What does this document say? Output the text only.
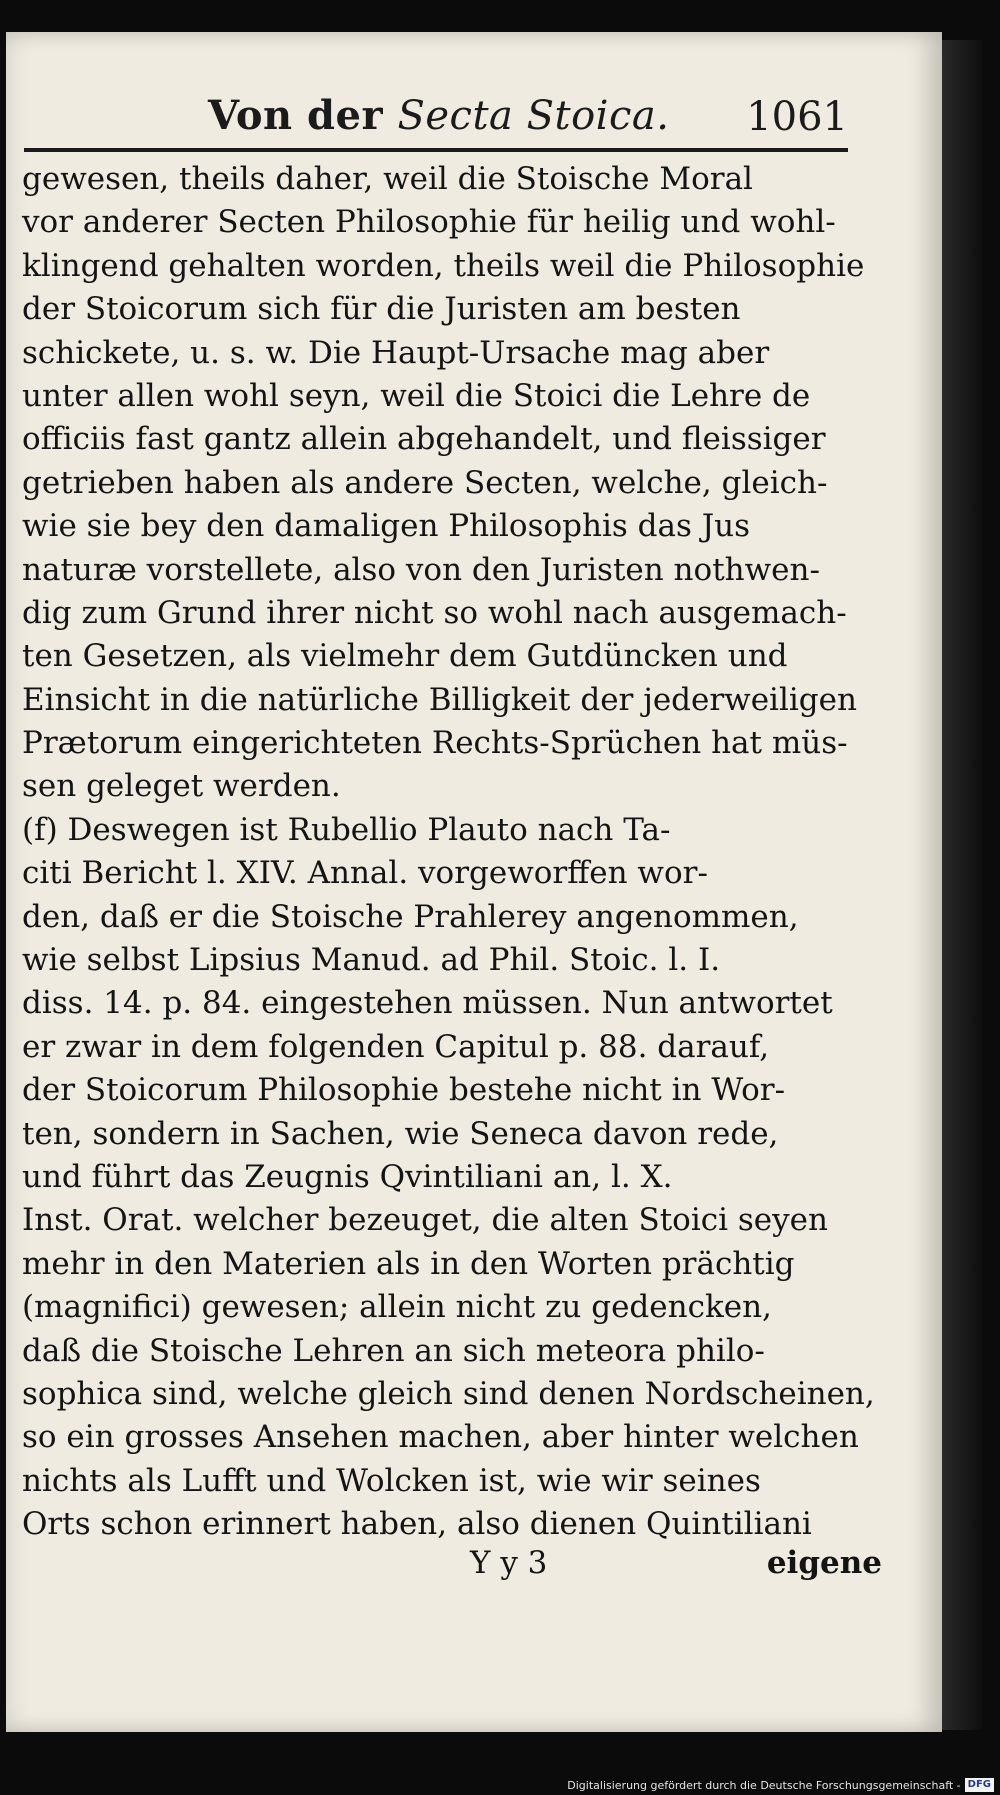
Von der Secta Stoica. 1061
gewesen, theils daher, weil die Stoische Moral
vor anderer Secten Philosophie für heilig und wohl-
klingend gehalten worden, theils weil die Philosophie
der Stoicorum sich für die Juristen am besten
schickete, u. s. w. Die Haupt-Ursache mag aber
unter allen wohl seyn, weil die Stoici die Lehre de
officiis fast gantz allein abgehandelt, und fleissiger
getrieben haben als andere Secten, welche, gleich-
wie sie bey den damaligen Philosophis das Jus
naturæ vorstellete, also von den Juristen nothwen-
dig zum Grund ihrer nicht so wohl nach ausgemach-
ten Gesetzen, als vielmehr dem Gutdüncken und
Einsicht in die natürliche Billigkeit der jederweiligen
Prætorum eingerichteten Rechts-Sprüchen hat müs-
sen geleget werden.
(f) Deswegen ist Rubellio Plauto nach Ta-
citi Bericht l. XIV. Annal. vorgeworffen wor-
den, daß er die Stoische Prahlerey angenommen,
wie selbst Lipsius Manud. ad Phil. Stoic. l. I.
diss. 14. p. 84. eingestehen müssen. Nun antwortet
er zwar in dem folgenden Capitul p. 88. darauf,
der Stoicorum Philosophie bestehe nicht in Wor-
ten, sondern in Sachen, wie Seneca davon rede,
und führt das Zeugnis Qvintiliani an, l. X.
Inst. Orat. welcher bezeuget, die alten Stoici seyen
mehr in den Materien als in den Worten prächtig
(magnifici) gewesen; allein nicht zu gedencken,
daß die Stoische Lehren an sich meteora philo-
sophica sind, welche gleich sind denen Nordscheinen,
so ein grosses Ansehen machen, aber hinter welchen
nichts als Lufft und Wolcken ist, wie wir seines
Orts schon erinnert haben, also dienen Quintiliani
Y y 3	eigene
Digitalisierung gefördert durch die Deutsche Forschungsgemeinschaft - DFG
